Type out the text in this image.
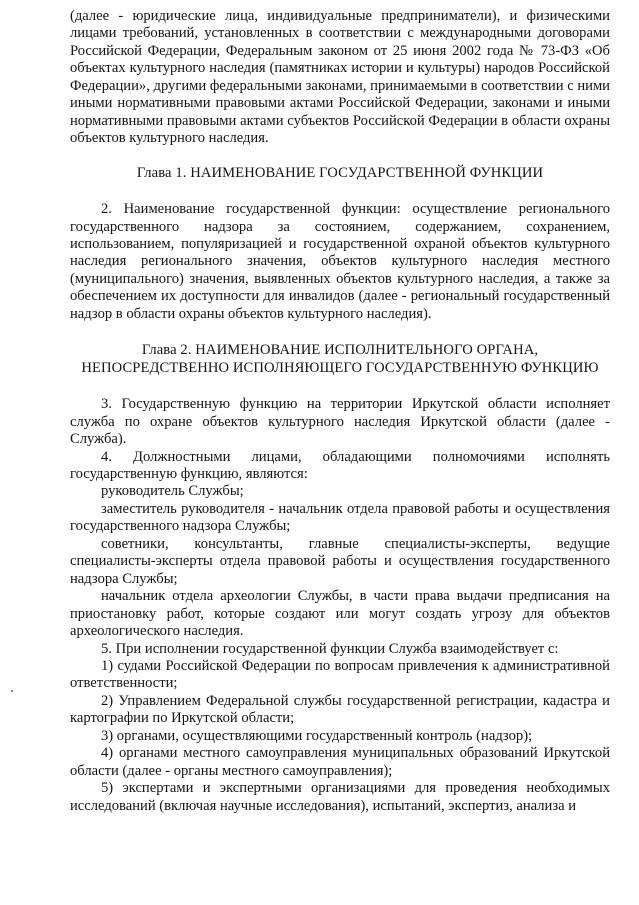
(далее - юридические лица, индивидуальные предприниматели), и физическими лицами требований, установленных в соответствии с международными договорами Российской Федерации, Федеральным законом от 25 июня 2002 года № 73-ФЗ «Об объектах культурного наследия (памятниках истории и культуры) народов Российской Федерации», другими федеральными законами, принимаемыми в соответствии с ними иными нормативными правовыми актами Российской Федерации, законами и иными нормативными правовыми актами субъектов Российской Федерации в области охраны объектов культурного наследия.

Глава 1. НАИМЕНОВАНИЕ ГОСУДАРСТВЕННОЙ ФУНКЦИИ

2. Наименование государственной функции: осуществление регионального государственного надзора за состоянием, содержанием, сохранением, использованием, популяризацией и государственной охраной объектов культурного наследия регионального значения, объектов культурного наследия местного (муниципального) значения, выявленных объектов культурного наследия, а также за обеспечением их доступности для инвалидов (далее - региональный государственный надзор в области охраны объектов культурного наследия).

Глава 2. НАИМЕНОВАНИЕ ИСПОЛНИТЕЛЬНОГО ОРГАНА,
НЕПОСРЕДСТВЕННО ИСПОЛНЯЮЩЕГО ГОСУДАРСТВЕННУЮ ФУНКЦИЮ

3. Государственную функцию на территории Иркутской области исполняет служба по охране объектов культурного наследия Иркутской области (далее - Служба).

4. Должностными лицами, обладающими полномочиями исполнять государственную функцию, являются:

руководитель Службы;

заместитель руководителя - начальник отдела правовой работы и осуществления государственного надзора Службы;

советники, консультанты, главные специалисты-эксперты, ведущие специалисты-эксперты отдела правовой работы и осуществления государственного надзора Службы;

начальник отдела археологии Службы, в части права выдачи предписания на приостановку работ, которые создают или могут создать угрозу для объектов археологического наследия.

5. При исполнении государственной функции Служба взаимодействует с:

1) судами Российской Федерации по вопросам привлечения к административной ответственности;

2) Управлением Федеральной службы государственной регистрации, кадастра и картографии по Иркутской области;

3) органами, осуществляющими государственный контроль (надзор);

4) органами местного самоуправления муниципальных образований Иркутской области (далее - органы местного самоуправления);

5) экспертами и экспертными организациями для проведения необходимых исследований (включая научные исследования), испытаний, экспертиз, анализа и
